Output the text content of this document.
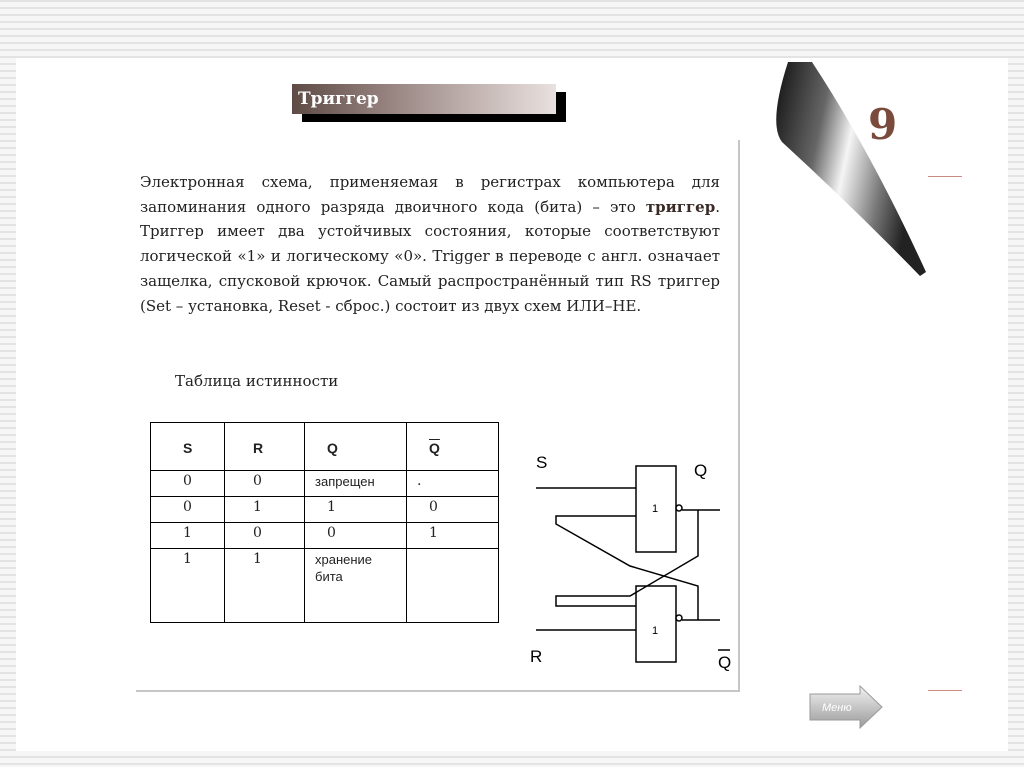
9
Триггер
Электронная схема, применяемая в регистрах компьютера для запоминания одного разряда двоичного кода (бита) – это триггер. Триггер имеет два устойчивых состояния, которые соответствуют логической «1» и логическому «0». Trigger в переводе с англ. означает защелка, спусковой крючок. Самый распространённый тип RS триггер (Set – установка, Reset - сброс.) состоит из двух схем ИЛИ–НЕ.
Таблица истинности
S	R	Q	$\overline{Q}$
0	0	запрещен	.
0	1	1	0
1	0	0	1
1	1	хранение бита	
S
R
Q
Q
1
1
Меню
